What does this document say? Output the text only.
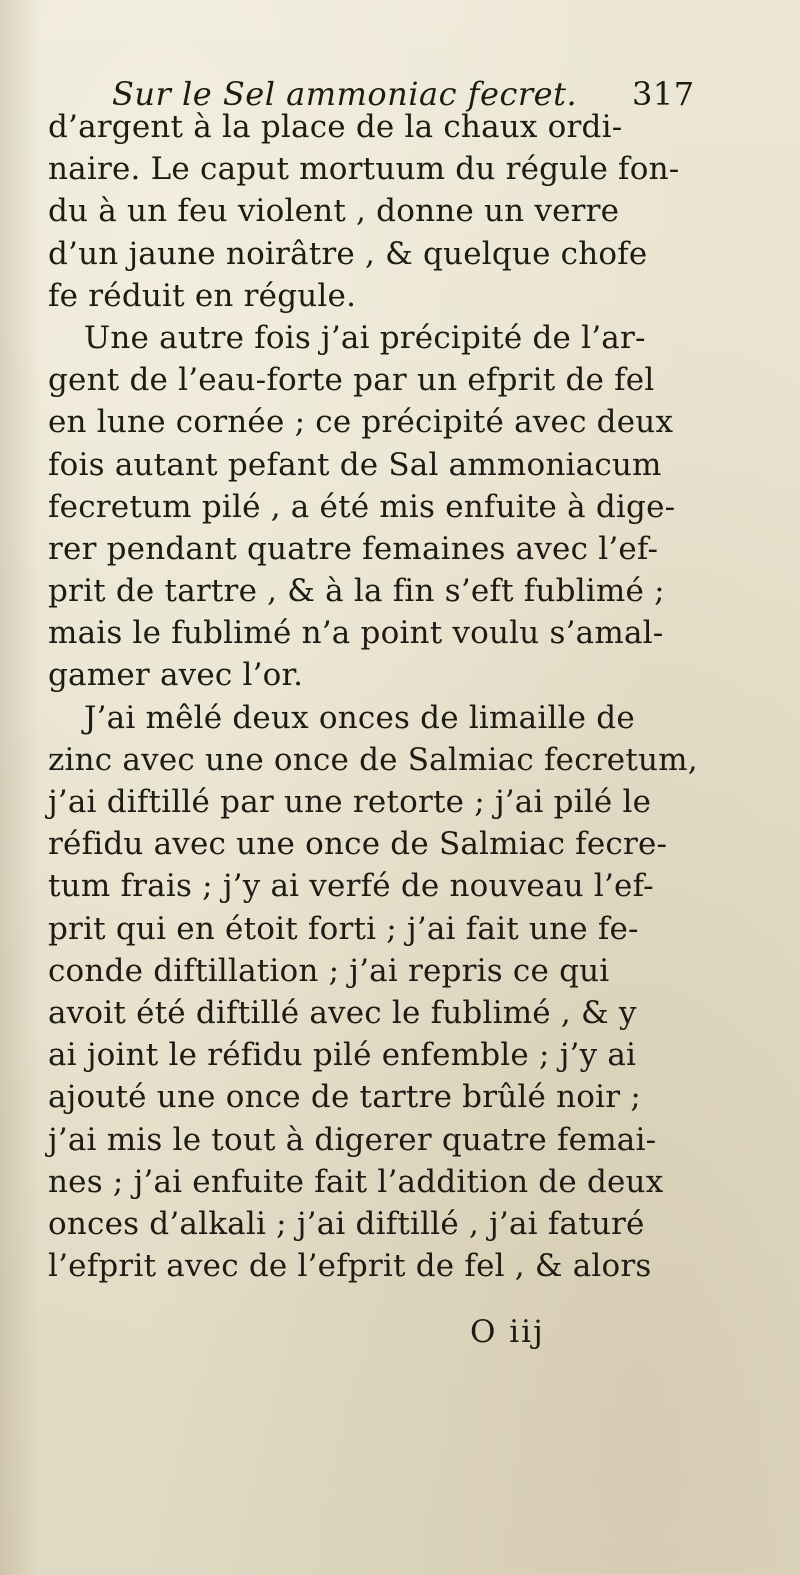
Sur le Sel ammoniac fecret. 317
d’argent à la place de la chaux ordi-
naire. Le caput mortuum du régule fon-
du à un feu violent , donne un verre
d’un jaune noirâtre , & quelque chofe
fe réduit en régule.
Une autre fois j’ai précipité de l’ar-
gent de l’eau-forte par un efprit de fel
en lune cornée ; ce précipité avec deux
fois autant pefant de Sal ammoniacum
fecretum pilé , a été mis enfuite à dige-
rer pendant quatre femaines avec l’ef-
prit de tartre , & à la fin s’eft fublimé ;
mais le fublimé n’a point voulu s’amal-
gamer avec l’or.
J’ai mêlé deux onces de limaille de
zinc avec une once de Salmiac fecretum,
j’ai diftillé par une retorte ; j’ai pilé le
réfidu avec une once de Salmiac fecre-
tum frais ; j’y ai verfé de nouveau l’ef-
prit qui en étoit forti ; j’ai fait une fe-
conde diftillation ; j’ai repris ce qui
avoit été diftillé avec le fublimé , & y
ai joint le réfidu pilé enfemble ; j’y ai
ajouté une once de tartre brûlé noir ;
j’ai mis le tout à digerer quatre femai-
nes ; j’ai enfuite fait l’addition de deux
onces d’alkali ; j’ai diftillé , j’ai faturé
l’efprit avec de l’efprit de fel , & alors
O iij
